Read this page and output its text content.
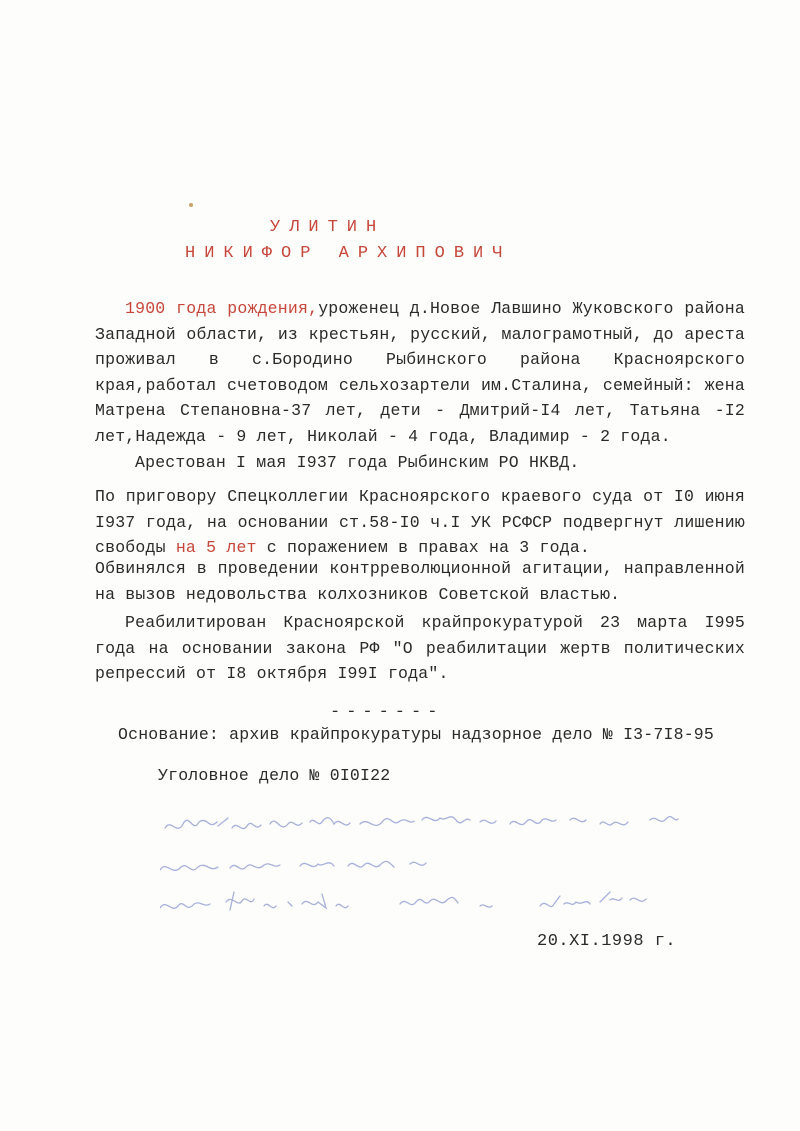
УЛИТИН
НИКИФОР АРХИПОВИЧ
1900 года рождения,уроженец д.Новое Лавшино Жуковского района Западной области, из крестьян, русский, малограмотный, до ареста проживал в с.Бородино Рыбинского района Красноярского края,работал счетоводом сельхозартели им.Сталина, семейный: жена Матрена Степановна-37 лет, дети - Дмитрий-I4 лет, Татьяна -I2 лет,Надежда - 9 лет, Николай - 4 года, Владимир - 2 года.
Арестован I мая I937 года Рыбинским РО НКВД.
По приговору Спецколлегии Красноярского краевого суда от I0 июня I937 года, на основании ст.58-I0 ч.I УК РСФСР подвергнут лишению свободы на 5 лет с поражением в правах на 3 года.
Обвинялся в проведении контрреволюционной агитации, направленной на вызов недовольства колхозников Советской властью.
Реабилитирован Красноярской крайпрокуратурой 23 марта I995 года на основании закона РФ "О реабилитации жертв политических репрессий от I8 октября I99I года".
-------
Основание: архив крайпрокуратуры надзорное дело № I3-7I8-95
Уголовное дело № 0I0I22
20.XI.1998 г.
